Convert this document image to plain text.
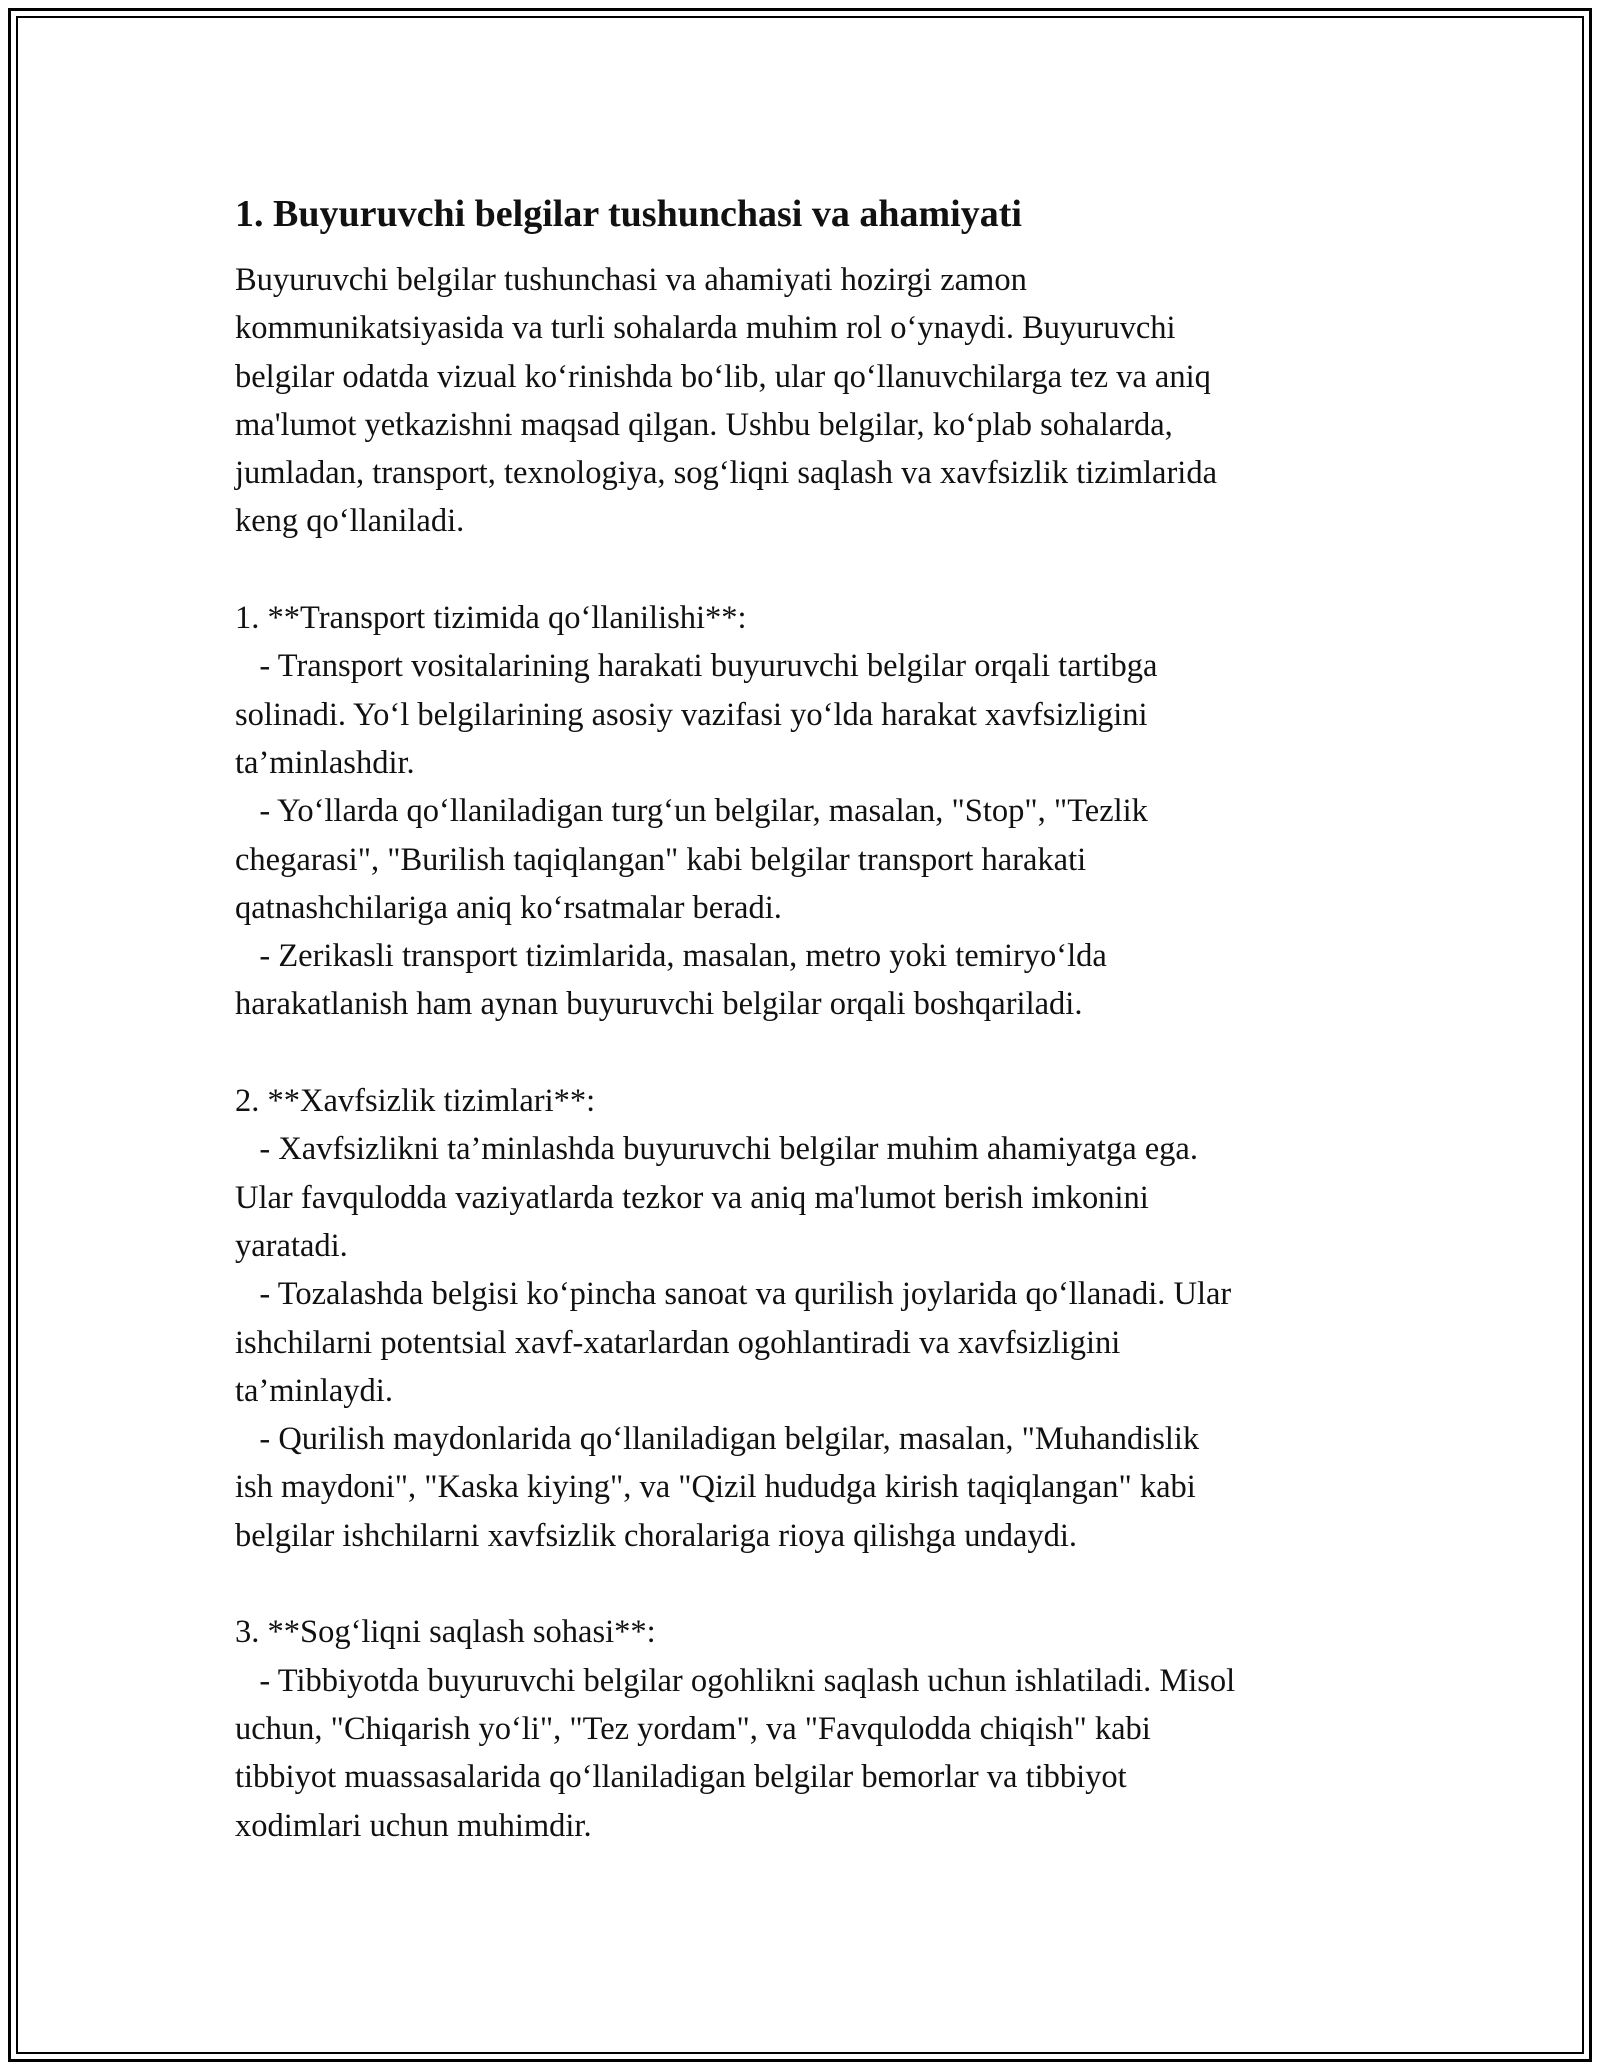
1. Buyuruvchi belgilar tushunchasi va ahamiyati

Buyuruvchi belgilar tushunchasi va ahamiyati hozirgi zamon
kommunikatsiyasida va turli sohalarda muhim rol o‘ynaydi. Buyuruvchi
belgilar odatda vizual ko‘rinishda bo‘lib, ular qo‘llanuvchilarga tez va aniq
ma'lumot yetkazishni maqsad qilgan. Ushbu belgilar, ko‘plab sohalarda,
jumladan, transport, texnologiya, sog‘liqni saqlash va xavfsizlik tizimlarida
keng qo‘llaniladi.

1. **Transport tizimida qo‘llanilishi**:

- Transport vositalarining harakati buyuruvchi belgilar orqali tartibga
solinadi. Yo‘l belgilarining asosiy vazifasi yo‘lda harakat xavfsizligini
ta’minlashdir.

- Yo‘llarda qo‘llaniladigan turg‘un belgilar, masalan, "Stop", "Tezlik
chegarasi", "Burilish taqiqlangan" kabi belgilar transport harakati
qatnashchilariga aniq ko‘rsatmalar beradi.

- Zerikasli transport tizimlarida, masalan, metro yoki temiryo‘lda
harakatlanish ham aynan buyuruvchi belgilar orqali boshqariladi.

2. **Xavfsizlik tizimlari**:

- Xavfsizlikni ta’minlashda buyuruvchi belgilar muhim ahamiyatga ega.
Ular favqulodda vaziyatlarda tezkor va aniq ma'lumot berish imkonini
yaratadi.

- Tozalashda belgisi ko‘pincha sanoat va qurilish joylarida qo‘llanadi. Ular
ishchilarni potentsial xavf-xatarlardan ogohlantiradi va xavfsizligini
ta’minlaydi.

- Qurilish maydonlarida qo‘llaniladigan belgilar, masalan, "Muhandislik
ish maydoni", "Kaska kiying", va "Qizil hududga kirish taqiqlangan" kabi
belgilar ishchilarni xavfsizlik choralariga rioya qilishga undaydi.

3. **Sog‘liqni saqlash sohasi**:

- Tibbiyotda buyuruvchi belgilar ogohlikni saqlash uchun ishlatiladi. Misol
uchun, "Chiqarish yo‘li", "Tez yordam", va "Favqulodda chiqish" kabi
tibbiyot muassasalarida qo‘llaniladigan belgilar bemorlar va tibbiyot
xodimlari uchun muhimdir.
